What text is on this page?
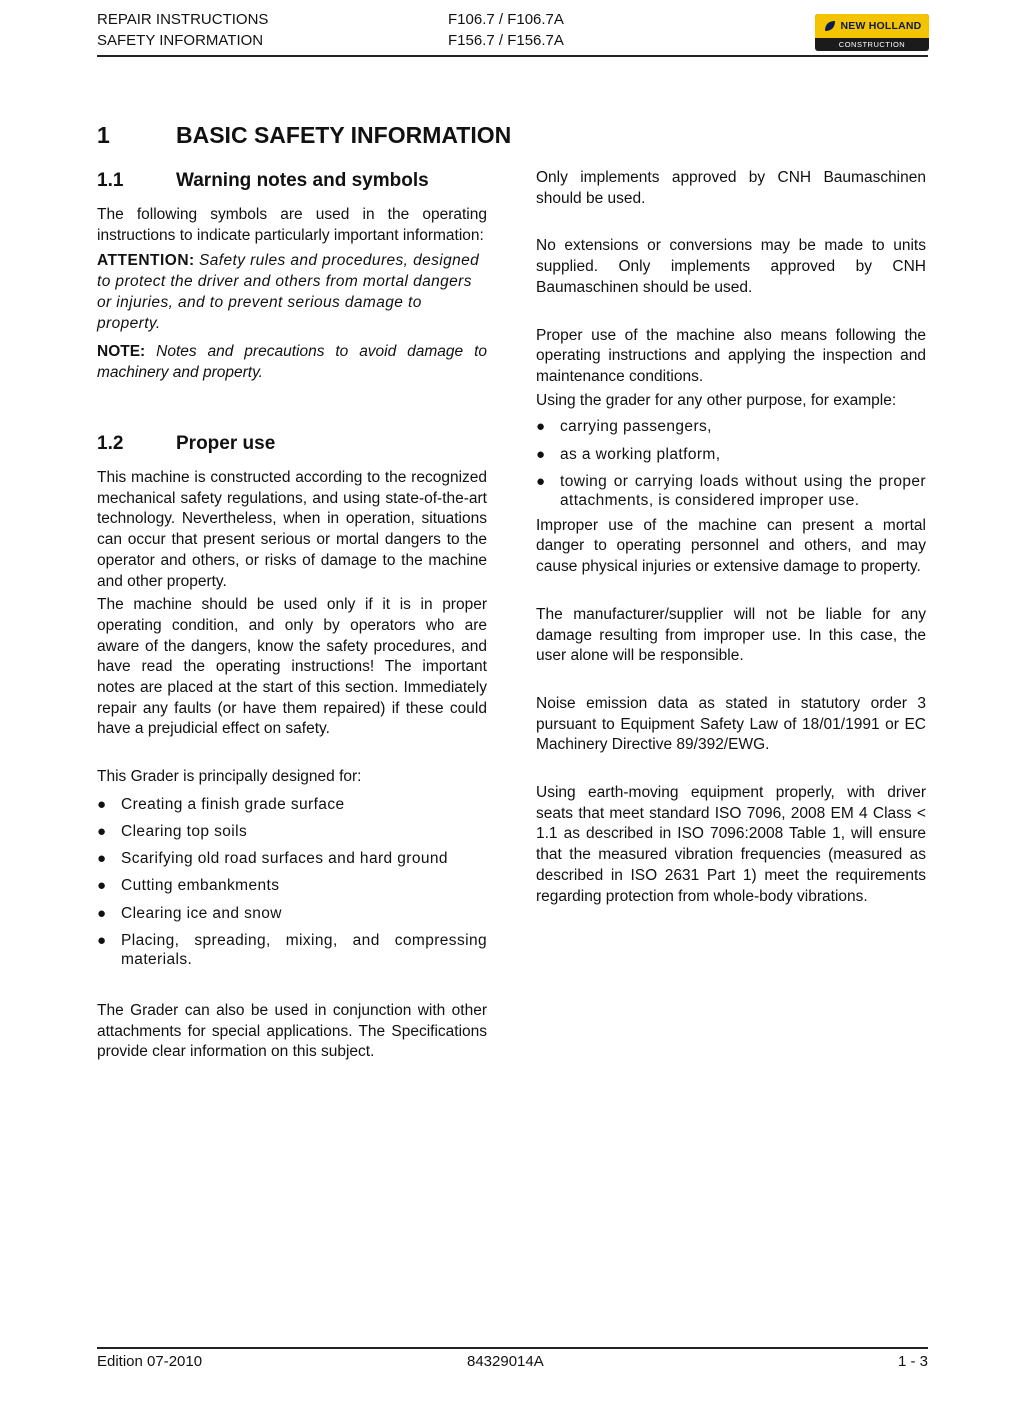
REPAIR INSTRUCTIONS
SAFETY INFORMATION
F106.7 / F106.7A
F156.7 / F156.7A
NEW HOLLAND
CONSTRUCTION
1	BASIC SAFETY INFORMATION
1.1	Warning notes and symbols

The following symbols are used in the operating instructions to indicate particularly important information:

ATTENTION: Safety rules and procedures, designed to protect the driver and others from mortal dangers or injuries, and to prevent serious damage to property.

NOTE: Notes and precautions to avoid damage to machinery and property.

1.2	Proper use

This machine is constructed according to the recognized mechanical safety regulations, and using state-of-the-art technology. Nevertheless, when in operation, situations can occur that present serious or mortal dangers to the operator and others, or risks of damage to the machine and other property.

The machine should be used only if it is in proper operating condition, and only by operators who are aware of the dangers, know the safety procedures, and have read the operating instructions! The important notes are placed at the start of this section. Immediately repair any faults (or have them repaired) if these could have a prejudicial effect on safety.

This Grader is principally designed for:

● Creating a finish grade surface
● Clearing top soils
● Scarifying old road surfaces and hard ground
● Cutting embankments
● Clearing ice and snow
● Placing, spreading, mixing, and compressing materials.

The Grader can also be used in conjunction with other attachments for special applications. The Specifications provide clear information on this subject.

Only implements approved by CNH Baumaschinen should be used.

No extensions or conversions may be made to units supplied. Only implements approved by CNH Baumaschinen should be used.

Proper use of the machine also means following the operating instructions and applying the inspection and maintenance conditions.

Using the grader for any other purpose, for example:

● carrying passengers,
● as a working platform,
● towing or carrying loads without using the proper attachments, is considered improper use.

Improper use of the machine can present a mortal danger to operating personnel and others, and may cause physical injuries or extensive damage to property.

The manufacturer/supplier will not be liable for any damage resulting from improper use. In this case, the user alone will be responsible.

Noise emission data as stated in statutory order 3 pursuant to Equipment Safety Law of 18/01/1991 or EC Machinery Directive 89/392/EWG.

Using earth-moving equipment properly, with driver seats that meet standard ISO 7096, 2008 EM 4 Class < 1.1 as described in ISO 7096:2008 Table 1, will ensure that the measured vibration frequencies (measured as described in ISO 2631 Part 1) meet the requirements regarding protection from whole-body vibrations.

Edition 07-2010	84329014A	1 - 3
